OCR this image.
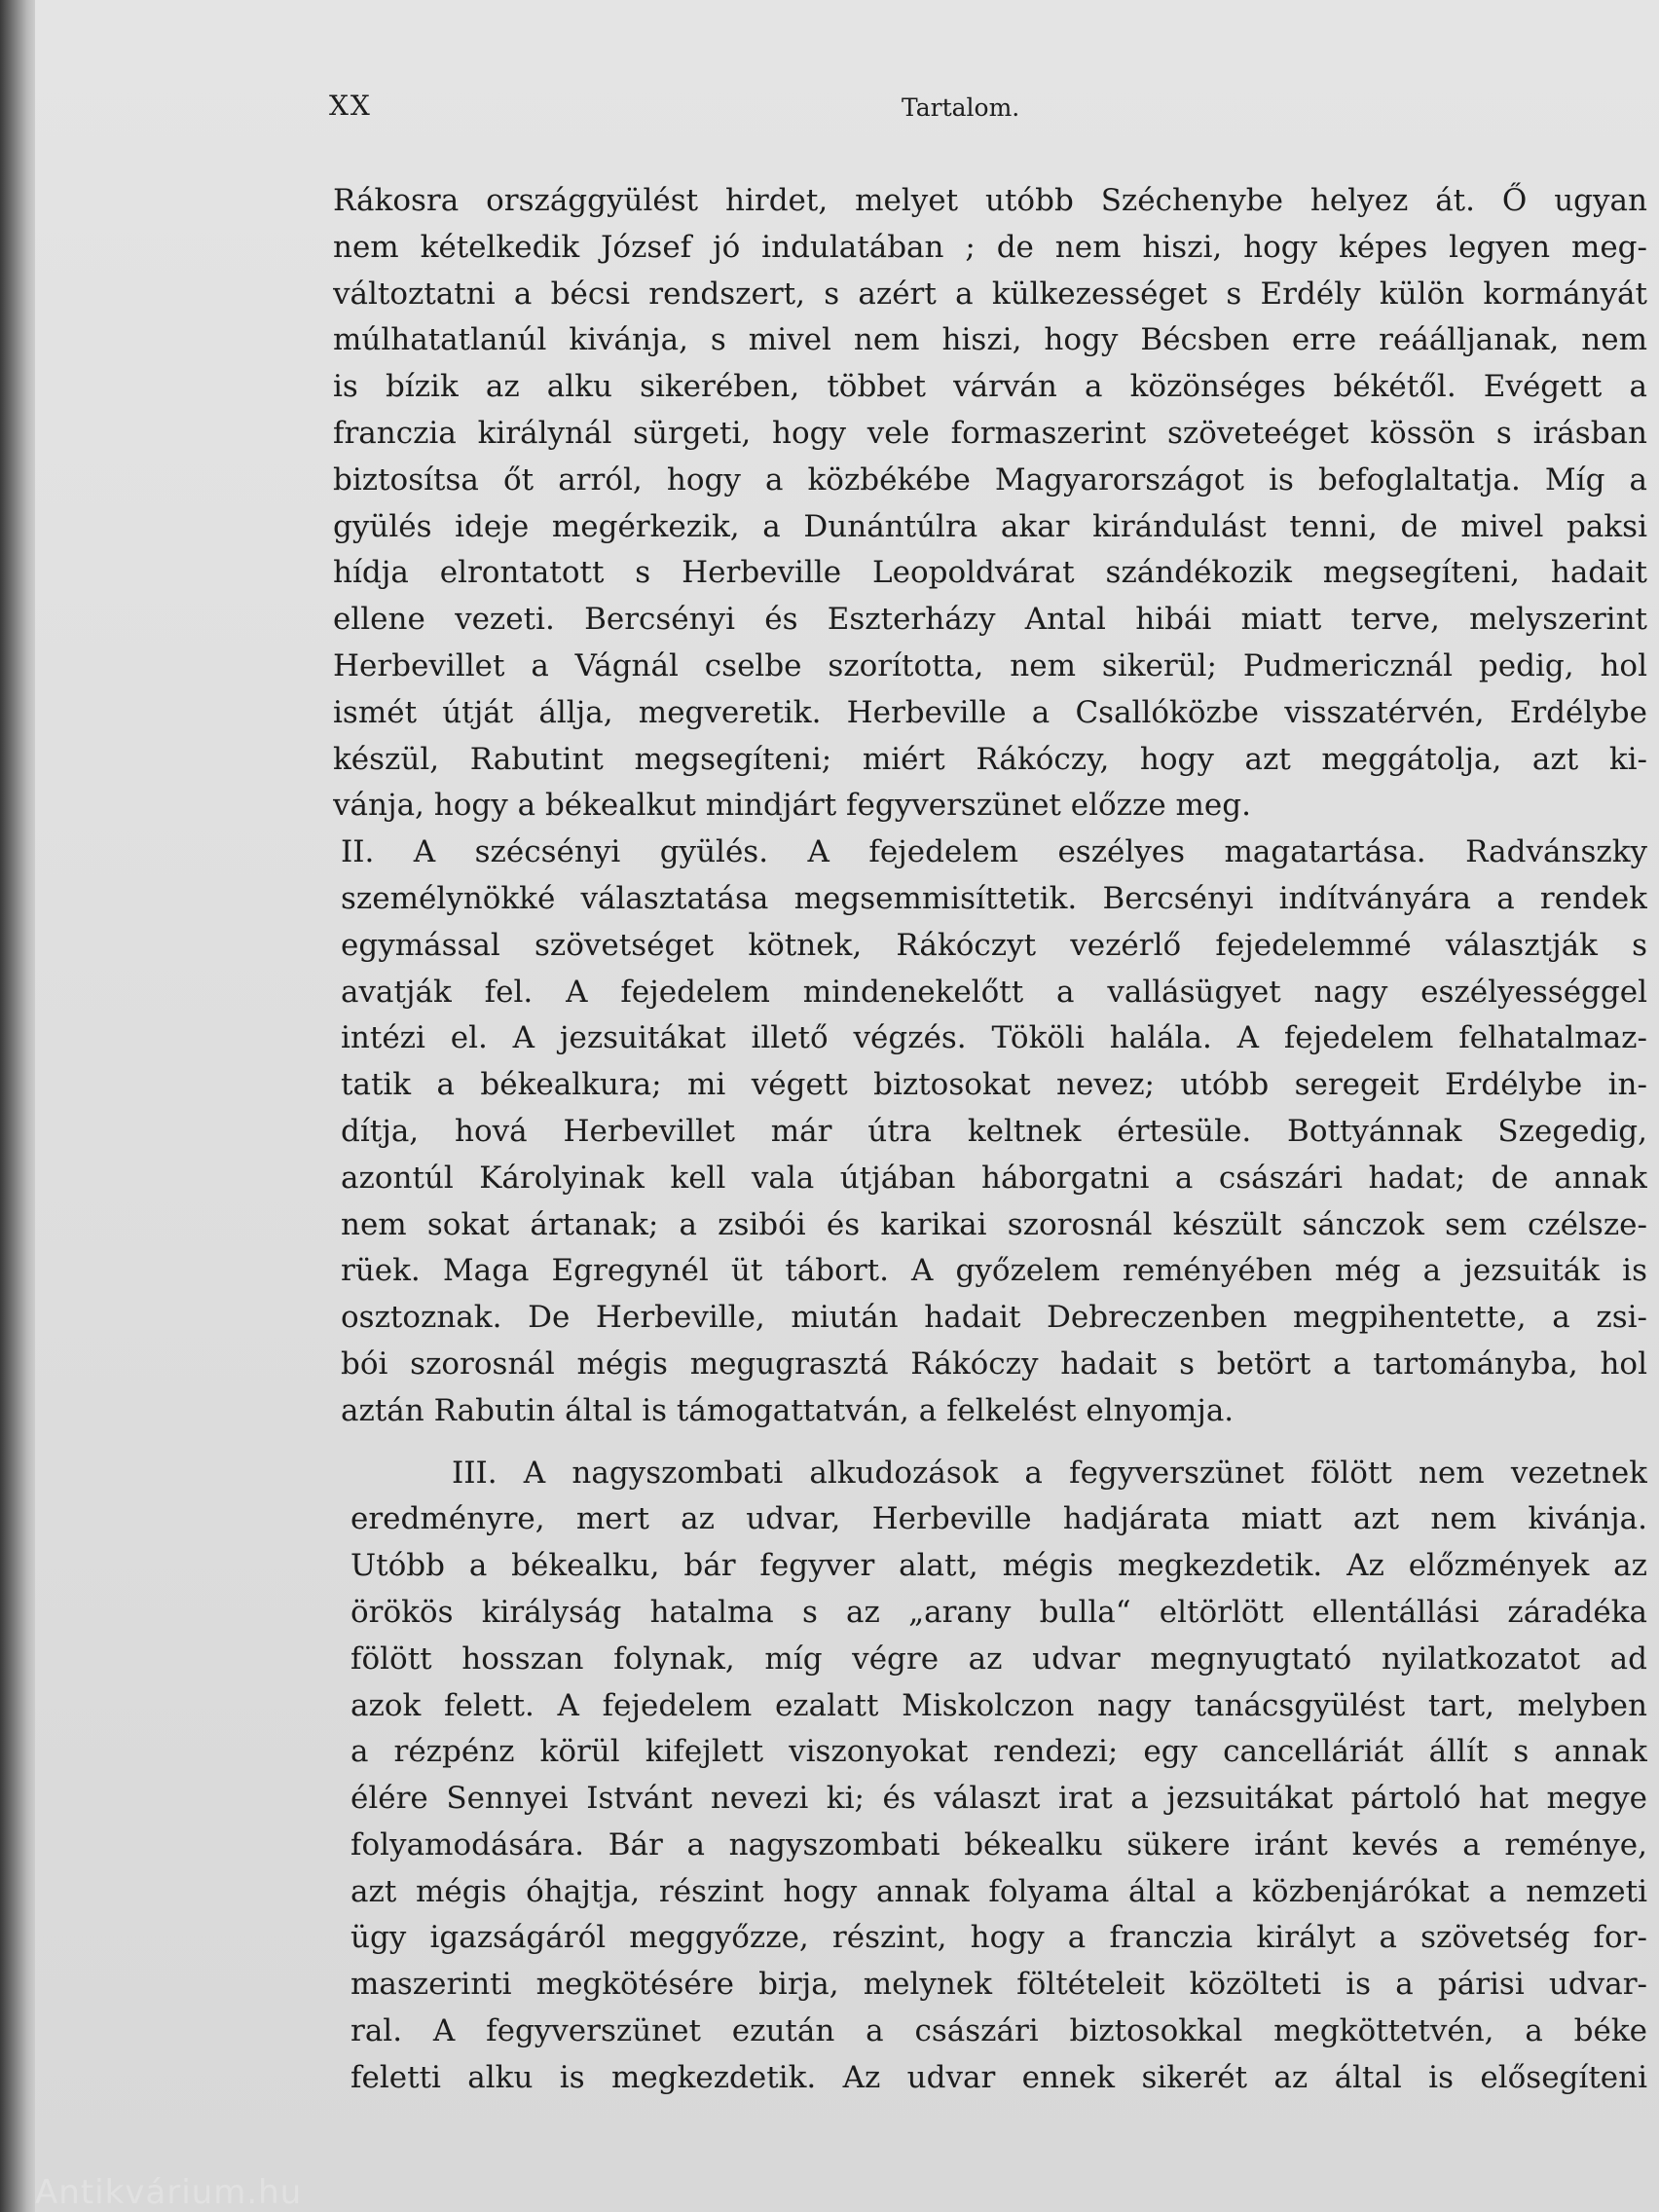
XX	Tartalom.
Rákosra országgyülést hirdet, melyet utóbb Széchenybe helyez át. Ő ugyan
nem kételkedik József jó indulatában ; de nem hiszi, hogy képes legyen meg-
változtatni a bécsi rendszert, s azért a külkezességet s Erdély külön kormányát
múlhatatlanúl kivánja, s mivel nem hiszi, hogy Bécsben erre reáálljanak, nem
is bízik az alku sikerében, többet várván a közönséges békétől. Evégett a
franczia királynál sürgeti, hogy vele formaszerint szöveteéget kössön s irásban
biztosítsa őt arról, hogy a közbékébe Magyarországot is befoglaltatja. Míg a
gyülés ideje megérkezik, a Dunántúlra akar kirándulást tenni, de mivel paksi
hídja elrontatott s Herbeville Leopoldvárat szándékozik megsegíteni, hadait
ellene vezeti. Bercsényi és Eszterházy Antal hibái miatt terve, melyszerint
Herbevillet a Vágnál cselbe szorította, nem sikerül; Pudmericznál pedig, hol
ismét útját állja, megveretik. Herbeville a Csallóközbe visszatérvén, Erdélybe
készül, Rabutint megsegíteni; miért Rákóczy, hogy azt meggátolja, azt ki-
vánja, hogy a békealkut mindjárt fegyverszünet előzze meg.
II. A szécsényi gyülés. A fejedelem eszélyes magatartása. Radvánszky
személynökké választatása megsemmisíttetik. Bercsényi indítványára a rendek
egymással szövetséget kötnek, Rákóczyt vezérlő fejedelemmé választják s
avatják fel. A fejedelem mindenekelőtt a vallásügyet nagy eszélyességgel
intézi el. A jezsuitákat illető végzés. Tököli halála. A fejedelem felhatalmaz-
tatik a békealkura; mi végett biztosokat nevez; utóbb seregeit Erdélybe in-
dítja, hová Herbevillet már útra keltnek értesüle. Bottyánnak Szegedig,
azontúl Károlyinak kell vala útjában háborgatni a császári hadat; de annak
nem sokat ártanak; a zsibói és karikai szorosnál készült sánczok sem czélsze-
rüek. Maga Egregynél üt tábort. A győzelem reményében még a jezsuiták is
osztoznak. De Herbeville, miután hadait Debreczenben megpihentette, a zsi-
bói szorosnál mégis megugrasztá Rákóczy hadait s betört a tartományba, hol
aztán Rabutin által is támogattatván, a felkelést elnyomja.
III. A nagyszombati alkudozások a fegyverszünet fölött nem vezetnek
eredményre, mert az udvar, Herbeville hadjárata miatt azt nem kivánja.
Utóbb a békealku, bár fegyver alatt, mégis megkezdetik. Az előzmények az
örökös királyság hatalma s az „arany bulla“ eltörlött ellentállási záradéka
fölött hosszan folynak, míg végre az udvar megnyugtató nyilatkozatot ad
azok felett. A fejedelem ezalatt Miskolczon nagy tanácsgyülést tart, melyben
a rézpénz körül kifejlett viszonyokat rendezi; egy cancelláriát állít s annak
élére Sennyei Istvánt nevezi ki; és választ irat a jezsuitákat pártoló hat megye
folyamodására. Bár a nagyszombati békealku sükere iránt kevés a reménye,
azt mégis óhajtja, részint hogy annak folyama által a közbenjárókat a nemzeti
ügy igazságáról meggyőzze, részint, hogy a franczia királyt a szövetség for-
maszerinti megkötésére birja, melynek föltételeit közölteti is a párisi udvar-
ral. A fegyverszünet ezután a császári biztosokkal megköttetvén, a béke
feletti alku is megkezdetik. Az udvar ennek sikerét az által is elősegíteni
Antikvárium.hu
